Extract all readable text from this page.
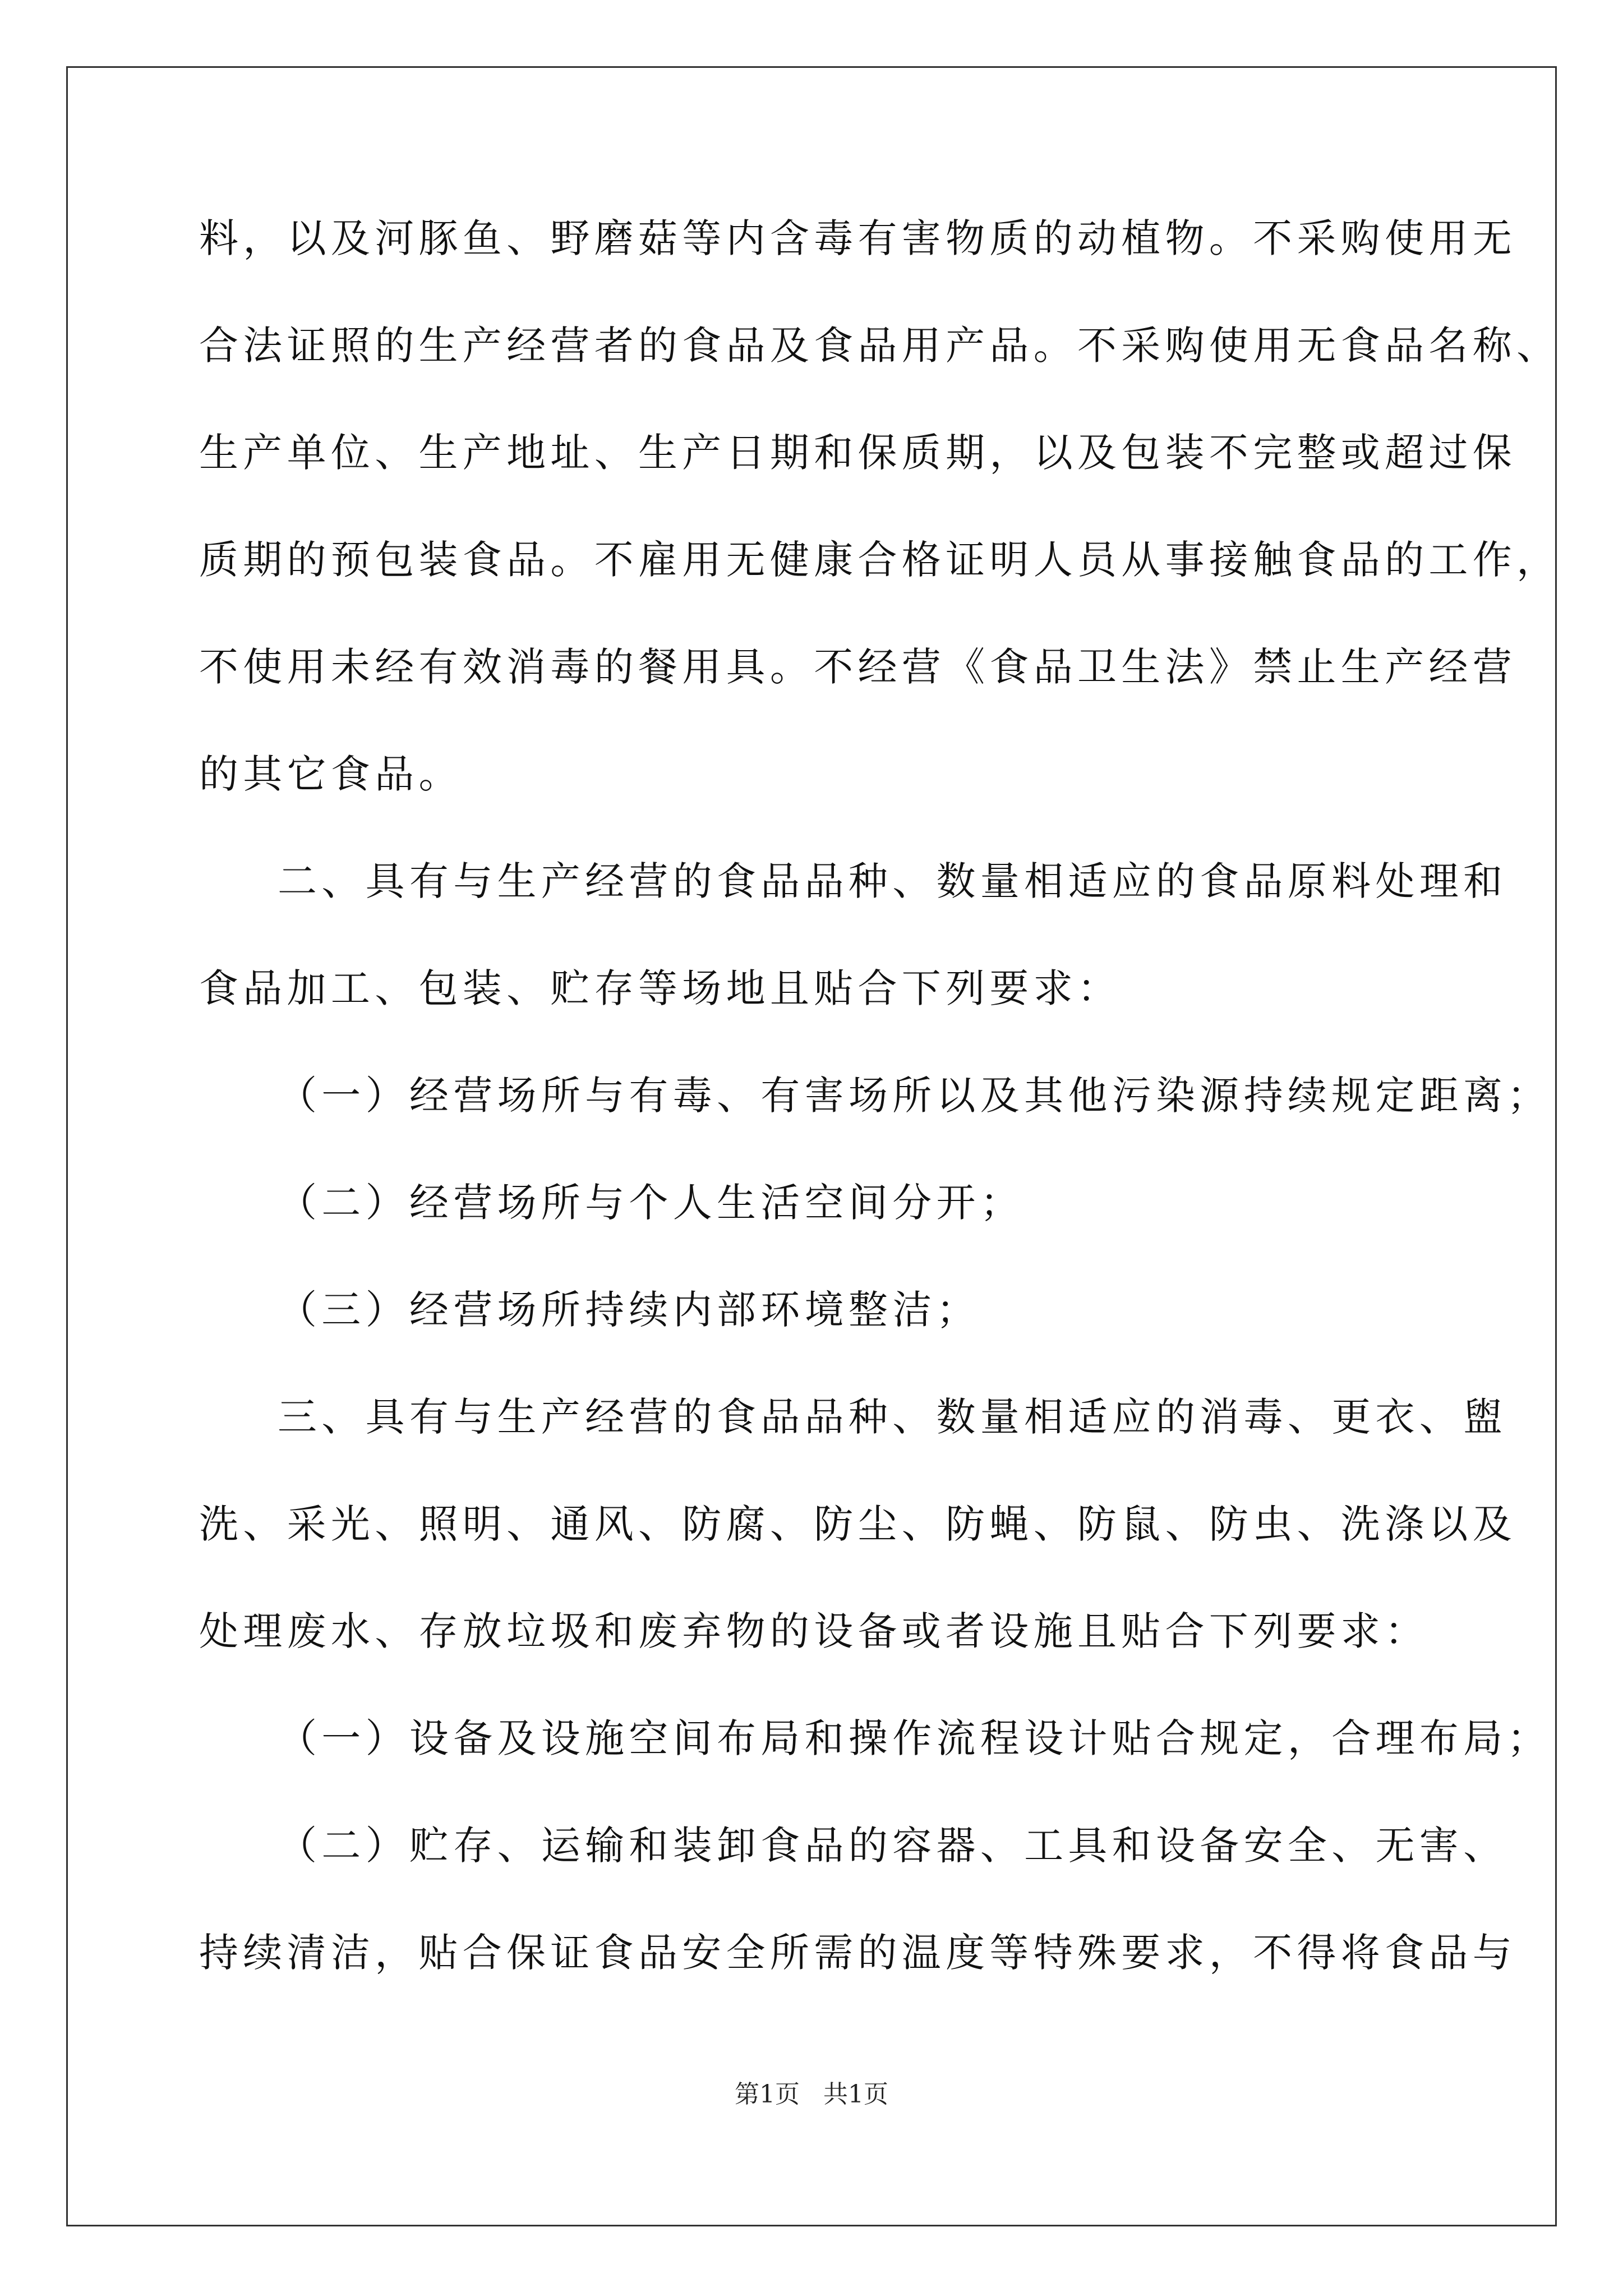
料，以及河豚鱼、野磨菇等内含毒有害物质的动植物。不采购使用无
合法证照的生产经营者的食品及食品用产品。不采购使用无食品名称、
生产单位、生产地址、生产日期和保质期，以及包装不完整或超过保
质期的预包装食品。不雇用无健康合格证明人员从事接触食品的工作，
不使用未经有效消毒的餐用具。不经营《食品卫生法》禁止生产经营
的其它食品。
二、具有与生产经营的食品品种、数量相适应的食品原料处理和
食品加工、包装、贮存等场地且贴合下列要求：
（一）经营场所与有毒、有害场所以及其他污染源持续规定距离；
（二）经营场所与个人生活空间分开；
（三）经营场所持续内部环境整洁；
三、具有与生产经营的食品品种、数量相适应的消毒、更衣、盥
洗、采光、照明、通风、防腐、防尘、防蝇、防鼠、防虫、洗涤以及
处理废水、存放垃圾和废弃物的设备或者设施且贴合下列要求：
（一）设备及设施空间布局和操作流程设计贴合规定，合理布局；
（二）贮存、运输和装卸食品的容器、工具和设备安全、无害、
持续清洁，贴合保证食品安全所需的温度等特殊要求，不得将食品与
第1页 共1页
